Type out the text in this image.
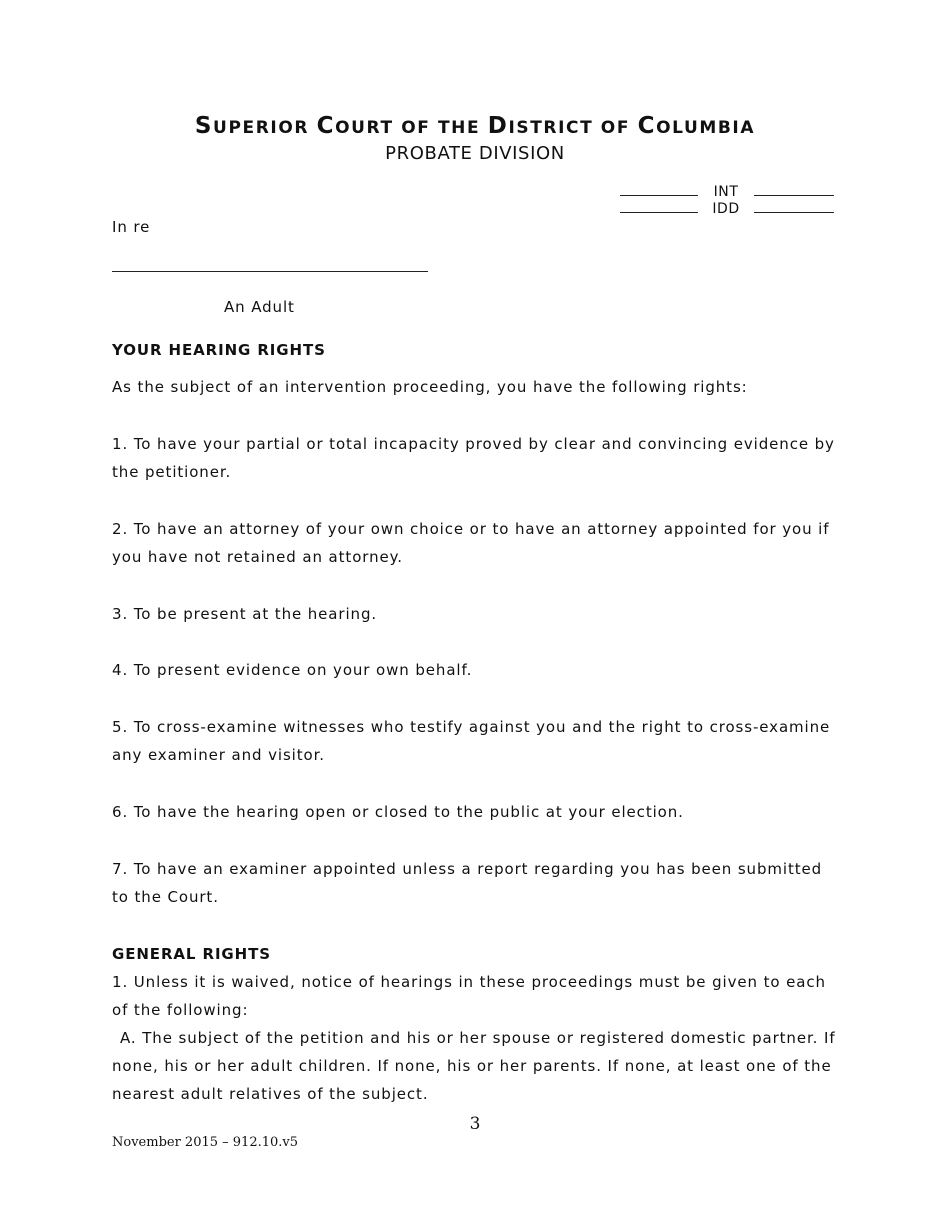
SUPERIOR COURT OF THE DISTRICT OF COLUMBIA
PROBATE DIVISION
INT
IDD
In re
An Adult
YOUR HEARING RIGHTS
As the subject of an intervention proceeding, you have the following rights:
1. To have your partial or total incapacity proved by clear and convincing evidence by the petitioner.
2. To have an attorney of your own choice or to have an attorney appointed for you if you have not retained an attorney.
3. To be present at the hearing.
4. To present evidence on your own behalf.
5. To cross-examine witnesses who testify against you and the right to cross-examine any examiner and visitor.
6. To have the hearing open or closed to the public at your election.
7. To have an examiner appointed unless a report regarding you has been submitted to the Court.
GENERAL RIGHTS
1. Unless it is waived, notice of hearings in these proceedings must be given to each of the following:
A. The subject of the petition and his or her spouse or registered domestic partner. If none, his or her adult children. If none, his or her parents. If none, at least one of the nearest adult relatives of the subject.
3
November 2015 – 912.10.v5
